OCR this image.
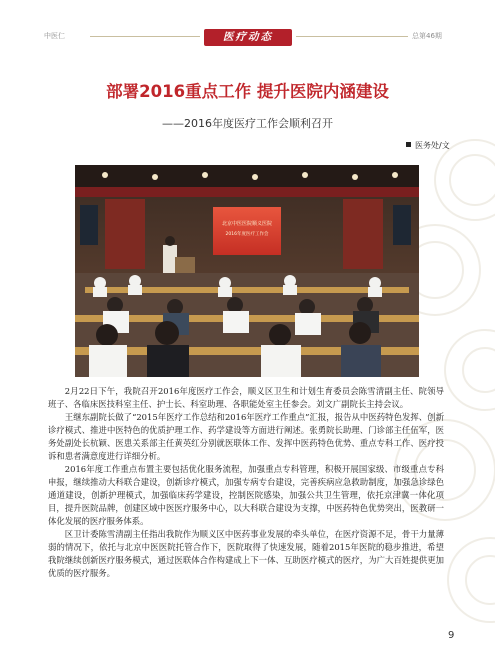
中医仁	医疗动态	总第46期
部署2016重点工作 提升医院内涵建设
——2016年度医疗工作会顺利召开
医务处/文
北京中医医院顺义医院
2016年度医疗工作会

2月22日下午，我院召开2016年度医疗工作会，顺义区卫生和计划生育委员会陈雪清副主任、院领导班子、各临床医技科室主任、护士长、科室助理、各职能处室主任参会。刘文广副院长主持会议。

王继东副院长做了“2015年医疗工作总结和2016年医疗工作重点”汇报，报告从中医药特色发挥、创新诊疗模式、推进中医特色的优质护理工作、药学建设等方面进行阐述。张勇院长助理、门诊部主任伍军，医务处副处长杭颖、医患关系部主任黄英红分别就医联体工作、发挥中医药特色优势、重点专科工作、医疗投诉和患者满意度进行详细分析。

2016年度工作重点布置主要包括优化服务流程，加强重点专科管理，积极开展国家级、市级重点专科申报，继续推动大科联合建设，创新诊疗模式，加强专病专台建设，完善疾病应急救助制度，加强急诊绿色通道建设，创新护理模式，加强临床药学建设，控制医院感染，加强公共卫生管理，依托京津冀一体化项目，提升医院品牌，创建区域中医医疗服务中心，以大科联合建设为支撑，中医药特色优势突出，医教研一体化发展的医疗服务体系。

区卫计委陈雪清副主任指出我院作为顺义区中医药事业发展的牵头单位，在医疗资源不足，骨干力量薄弱的情况下，依托与北京中医医院托管合作下，医院取得了快速发展，随着2015年医院的稳步推进，希望我院继续创新医疗服务模式，通过医联体合作构建成上下一体、互助医疗模式的医疗，为广大百姓提供更加优质的医疗服务。

9
